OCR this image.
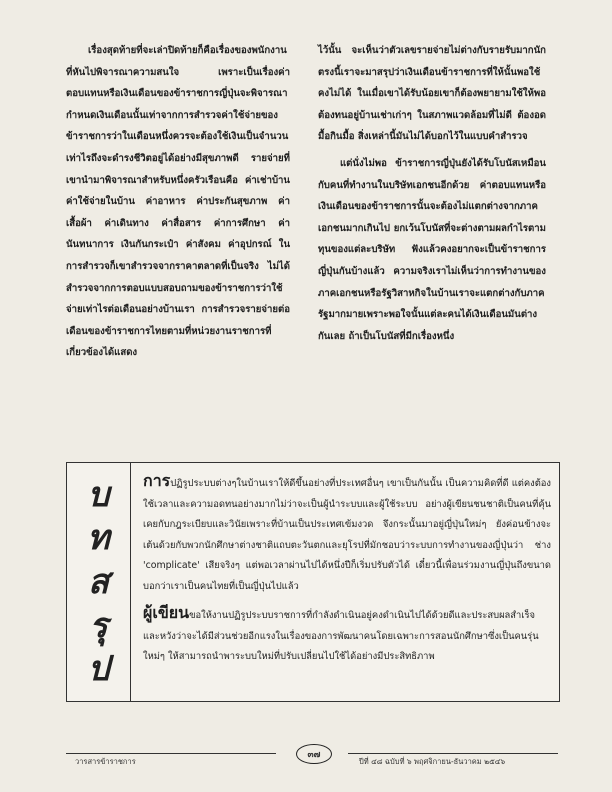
เรื่องสุดท้ายที่จะเล่าปิดท้ายก็คือเรื่องของพนักงานที่หันไปพิจารณาความสนใจ เพราะเป็นเรื่องค่าตอบแทนหรือเงินเดือนของข้าราชการญี่ปุ่นจะพิจารณากำหนดเงินเดือนนั้นเท่าจากการสำรวจค่าใช้จ่ายของข้าราชการว่าในเดือนหนึ่งควรจะต้องใช้เงินเป็นจำนวนเท่าไรถึงจะดำรงชีวิตอยู่ได้อย่างมีสุขภาพดี รายจ่ายที่เขานำมาพิจารณาสำหรับหนึ่งครัวเรือนคือ ค่าเช่าบ้าน ค่าใช้จ่ายในบ้าน ค่าอาหาร ค่าประกันสุขภาพ ค่าเสื้อผ้า ค่าเดินทาง ค่าสื่อสาร ค่าการศึกษา ค่านันทนาการ เงินกันกระเป๋า ค่าสังคม ค่าอุปกรณ์ ในการสำรวจก็เขาสำรวจจากราคาตลาดที่เป็นจริง ไม่ได้สำรวจจากการตอบแบบสอบถามของข้าราชการว่าใช้จ่ายเท่าไรต่อเดือนอย่างบ้านเรา การสำรวจรายจ่ายต่อเดือนของข้าราชการไทยตามที่หน่วยงานราชการที่เกี่ยวข้องได้แสดง

ไว้นั้น จะเห็นว่าตัวเลขรายจ่ายไม่ต่างกับรายรับมากนัก ตรงนี้เราจะมาสรุปว่าเงินเดือนข้าราชการที่ให้นั้นพอใช้คงไม่ได้ ในเมื่อเขาได้รับน้อยเขาก็ต้องพยายามใช้ให้พอ ต้องทนอยู่บ้านเช่าเก่าๆ ในสภาพแวดล้อมที่ไม่ดี ต้องอดมื้อกินมื้อ สิ่งเหล่านี้มันไม่ได้บอกไว้ในแบบคำสำรวจ

แต่นั่งไม่พอ ข้าราชการญี่ปุ่นยังได้รับโบนัสเหมือนกับคนที่ทำงานในบริษัทเอกชนอีกด้วย ค่าตอบแทนหรือเงินเดือนของข้าราชการนั้นจะต้องไม่แตกต่างจากภาคเอกชนมากเกินไป ยกเว้นโบนัสที่จะต่างตามผลกำไรตามทุนของแต่ละบริษัท ฟังแล้วคงอยากจะเป็นข้าราชการญี่ปุ่นกันบ้างแล้ว ความจริงเราไม่เห็นว่าการทำงานของภาคเอกชนหรือรัฐวิสาหกิจในบ้านเราจะแตกต่างกับภาครัฐมากมายเพราะพอใจนั้นแต่ละคนได้เงินเดือนมันต่างกันเลย ถ้าเป็นโบนัสที่มีกเรื่องหนึ่ง

บ
ท
ส
รุ
ป

การปฏิรูประบบต่างๆในบ้านเราให้ดีขึ้นอย่างที่ประเทศอื่นๆ เขาเป็นกันนั้น เป็นความคิดที่ดี แต่คงต้องใช้เวลาและความอดทนอย่างมากไม่ว่าจะเป็นผู้นำระบบและผู้ใช้ระบบ อย่างผู้เขียนชนชาติเป็นคนที่คุ้นเคยกับกฎระเบียบและวินัยเพราะที่บ้านเป็นประเทศเข้มงวด จึงกระนั้นมาอยู่ญี่ปุ่นใหม่ๆ ยังค่อนข้างจะเต้นด้วยกับพวกนักศึกษาต่างชาติแถบตะวันตกและยุโรปที่มักชอบว่าระบบการทำงานของญี่ปุ่นว่า ช่าง 'complicate' เสียจริงๆ แต่พอเวลาผ่านไปได้หนึ่งปีก็เริ่มปรับตัวได้ เดี๋ยวนี้เพื่อนร่วมงานญี่ปุ่นถึงขนาดบอกว่าเราเป็นคนไทยที่เป็นญี่ปุ่นไปแล้ว

ผู้เขียนขอให้งานปฏิรูประบบราชการที่กำลังดำเนินอยู่คงดำเนินไปได้ด้วยดีและประสบผลสำเร็จ และหวังว่าจะได้มีส่วนช่วยอีกแรงในเรื่องของการพัฒนาคนโดยเฉพาะการสอนนักศึกษาซึ่งเป็นคนรุ่นใหม่ๆ ให้สามารถนำพาระบบใหม่ที่ปรับเปลี่ยนไปใช้ได้อย่างมีประสิทธิภาพ

วารสารข้าราชการ
๓๗
ปีที่ ๔๘ ฉบับที่ ๖ พฤศจิกายน-ธันวาคม ๒๕๔๖
